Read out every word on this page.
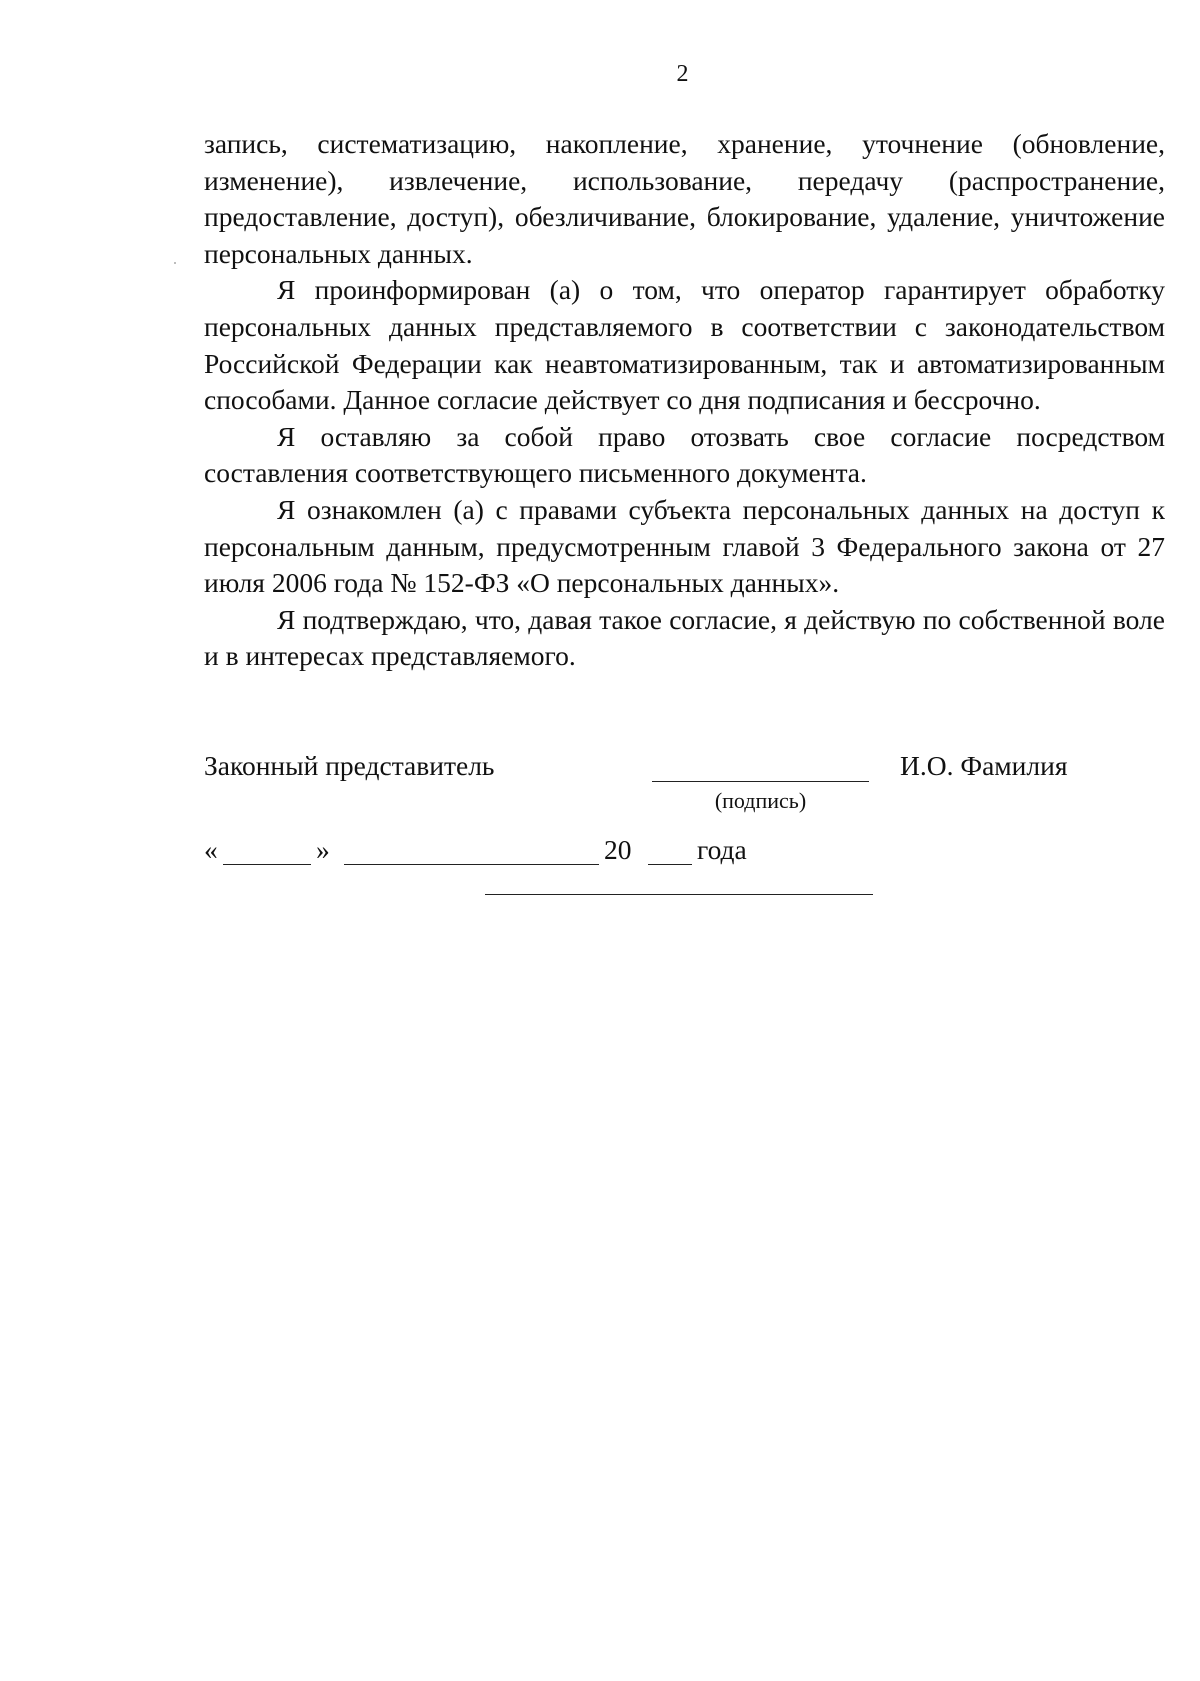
2

запись, систематизацию, накопление, хранение, уточнение (обновление, изменение), извлечение, использование, передачу (распространение, предоставление, доступ), обезличивание, блокирование, удаление, уничтожение персональных данных.

Я проинформирован (а) о том, что оператор гарантирует обработку персональных данных представляемого в соответствии с законодательством Российской Федерации как неавтоматизированным, так и автоматизированным способами. Данное согласие действует со дня подписания и бессрочно.

Я оставляю за собой право отозвать свое согласие посредством составления соответствующего письменного документа.

Я ознакомлен (а) с правами субъекта персональных данных на доступ к персональным данным, предусмотренным главой 3 Федерального закона от 27 июля 2006 года № 152-ФЗ «О персональных данных».

Я подтверждаю, что, давая такое согласие, я действую по собственной воле и в интересах представляемого.

Законный представитель
(подпись)
И.О. Фамилия
«	»	20 года
